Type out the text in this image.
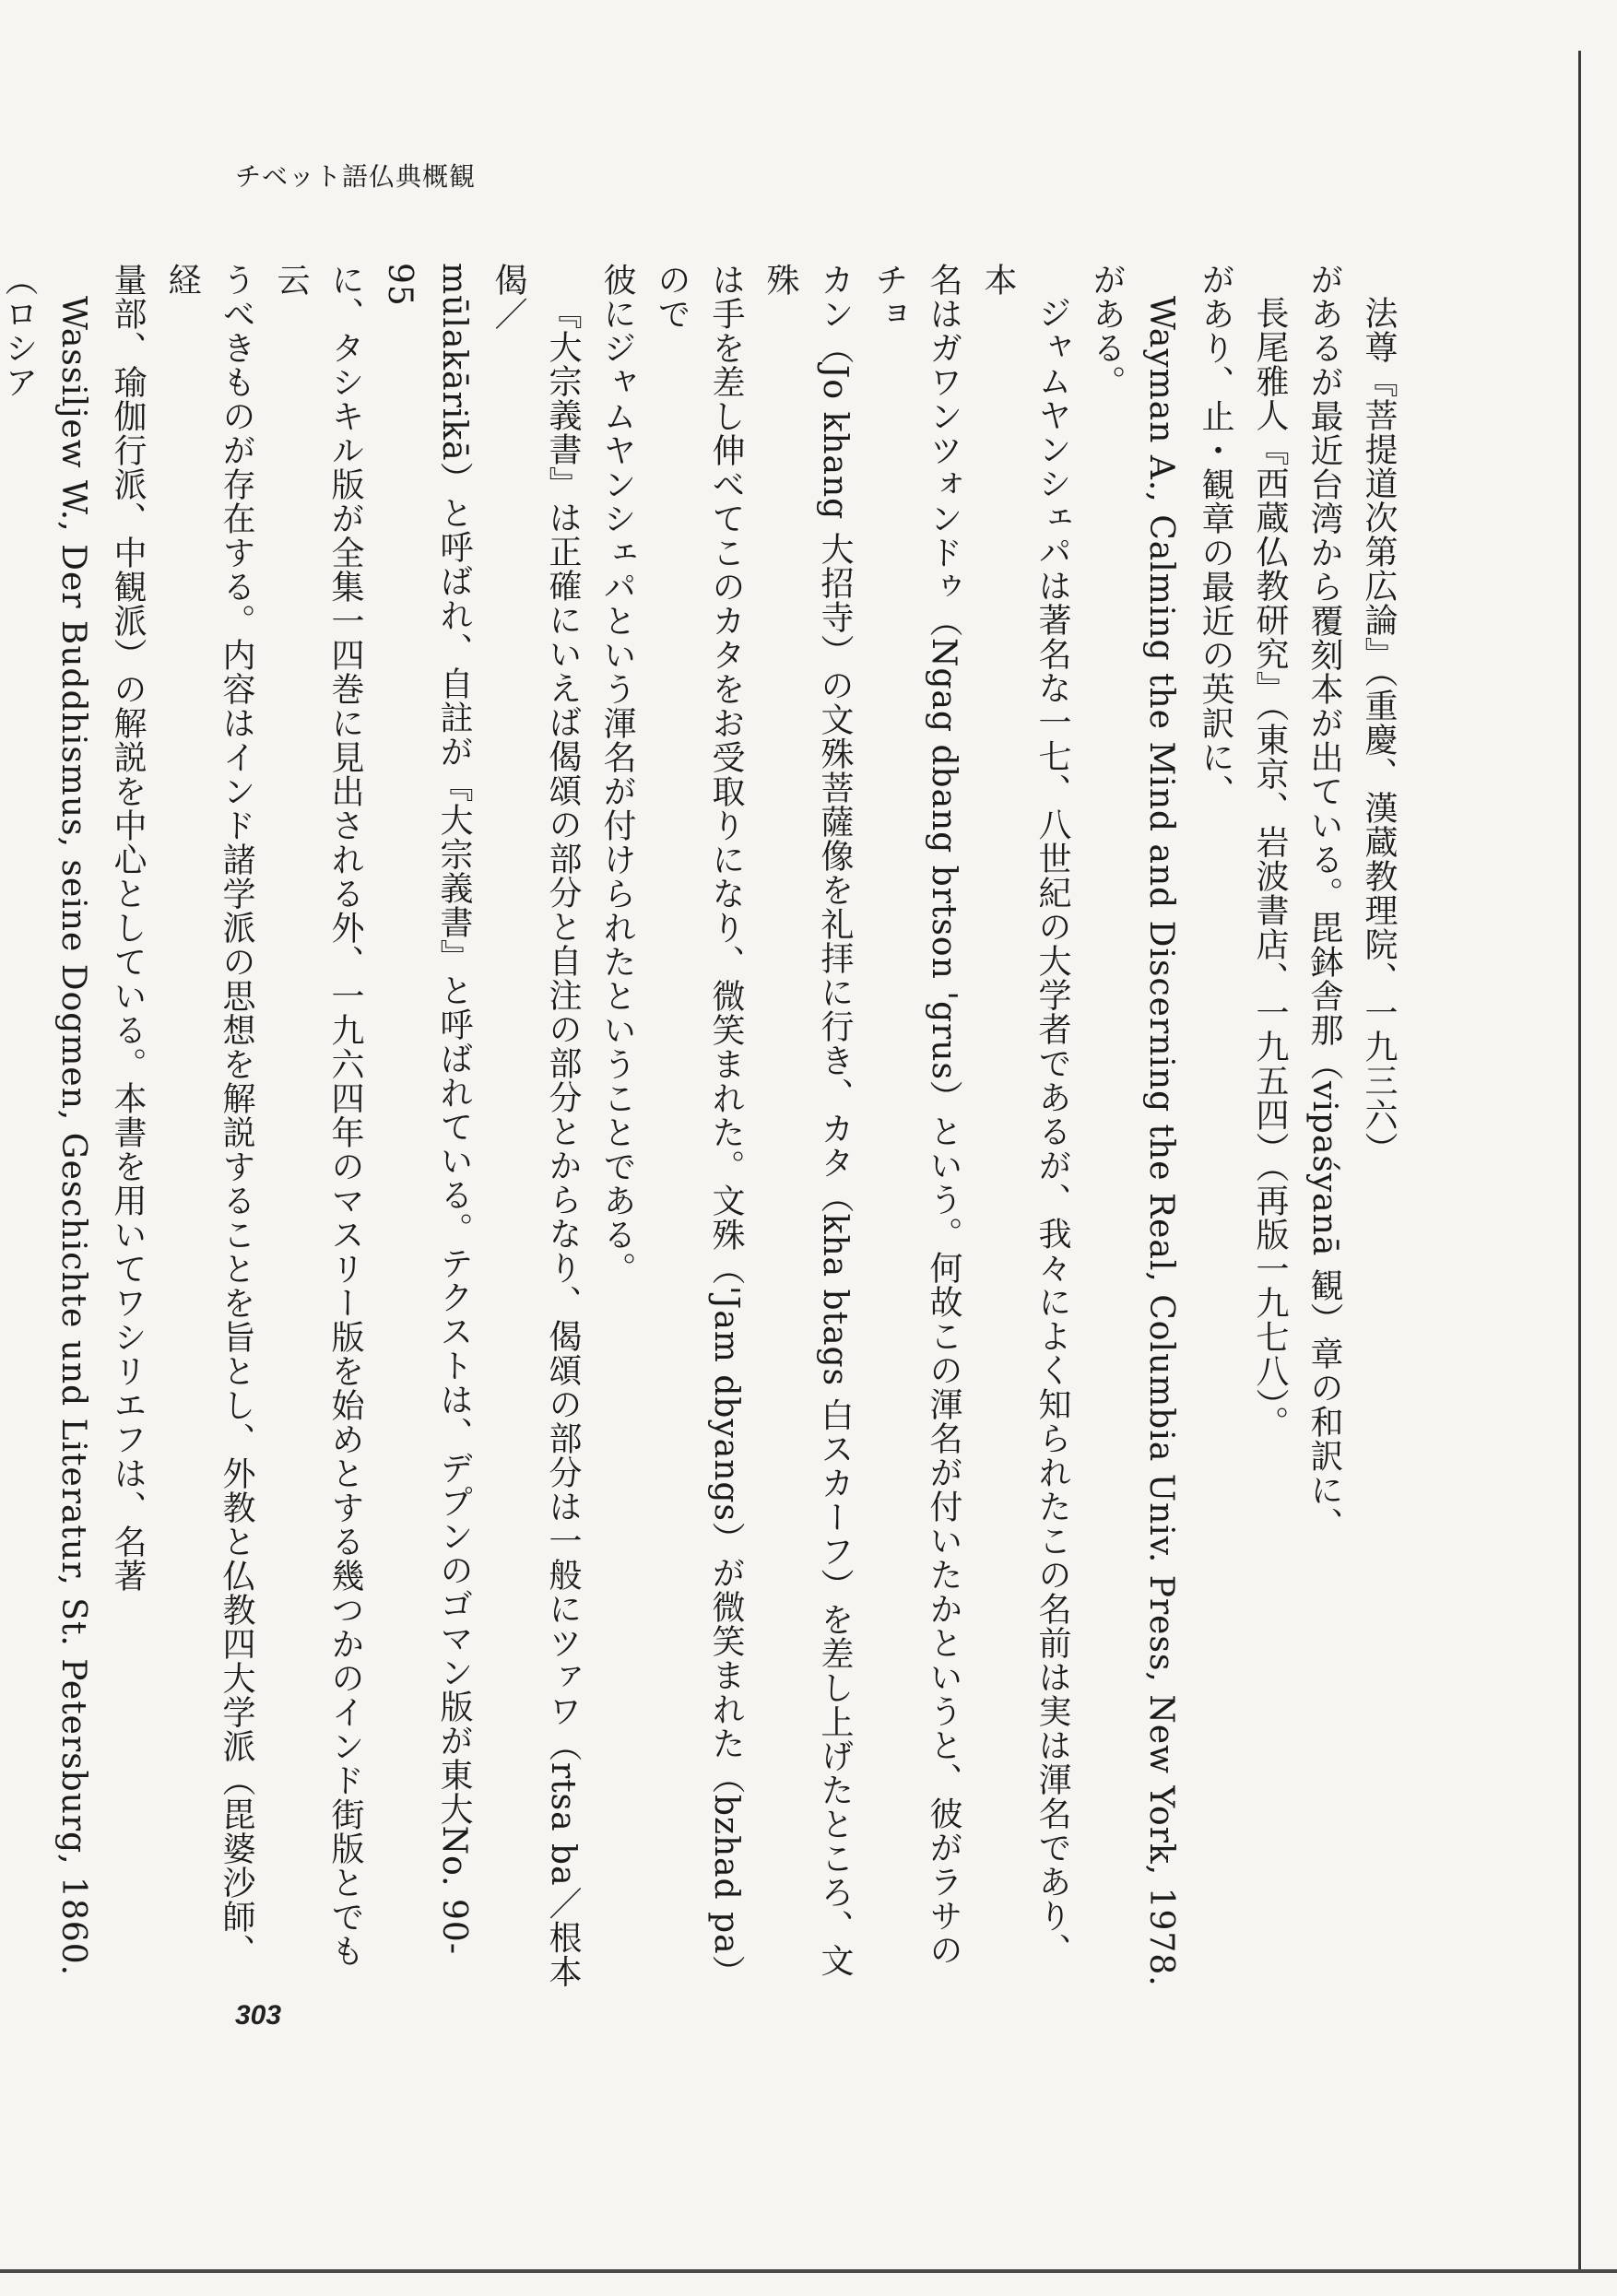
チベット語仏典概観

法尊『菩提道次第広論』（重慶、漢蔵教理院、一九三六）

があるが最近台湾から覆刻本が出ている。毘鉢舎那（vipaśyanā 観）章の和訳に、

長尾雅人『西蔵仏教研究』（東京、岩波書店、一九五四）（再版一九七八）。

があり、止・観章の最近の英訳に、

Wayman A., Calming the Mind and Discerning the Real, Columbia Univ. Press, New York, 1978.

がある。

ジャムヤンシェパは著名な一七、八世紀の大学者であるが、我々によく知られたこの名前は実は渾名であり、本

名はガワンツォンドゥ（Ngag dbang brtson 'grus）という。何故この渾名が付いたかというと、彼がラサのチョ

カン（Jo khang 大招寺）の文殊菩薩像を礼拝に行き、カタ（kha btags 白スカーフ）を差し上げたところ、文殊

は手を差し伸べてこのカタをお受取りになり、微笑まれた。文殊（'Jam dbyangs）が微笑まれた（bzhad pa）ので

彼にジャムヤンシェパという渾名が付けられたということである。

『大宗義書』は正確にいえば偈頌の部分と自注の部分とからなり、偈頌の部分は一般にツァワ（rtsa ba／根本偈／

mūlakārikā）と呼ばれ、自註が『大宗義書』と呼ばれている。テクストは、デプンのゴマン版が東大No. 90-95

に、タシキル版が全集一四巻に見出される外、一九六四年のマスリー版を始めとする幾つかのインド街版とでも云

うべきものが存在する。内容はインド諸学派の思想を解説することを旨とし、外教と仏教四大学派（毘婆沙師、経

量部、瑜伽行派、中観派）の解説を中心としている。本書を用いてワシリエフは、名著

Wassiljew W., Der Buddhismus, seine Dogmen, Geschichte und Literatur, St. Petersburg, 1860.（ロシア

303
